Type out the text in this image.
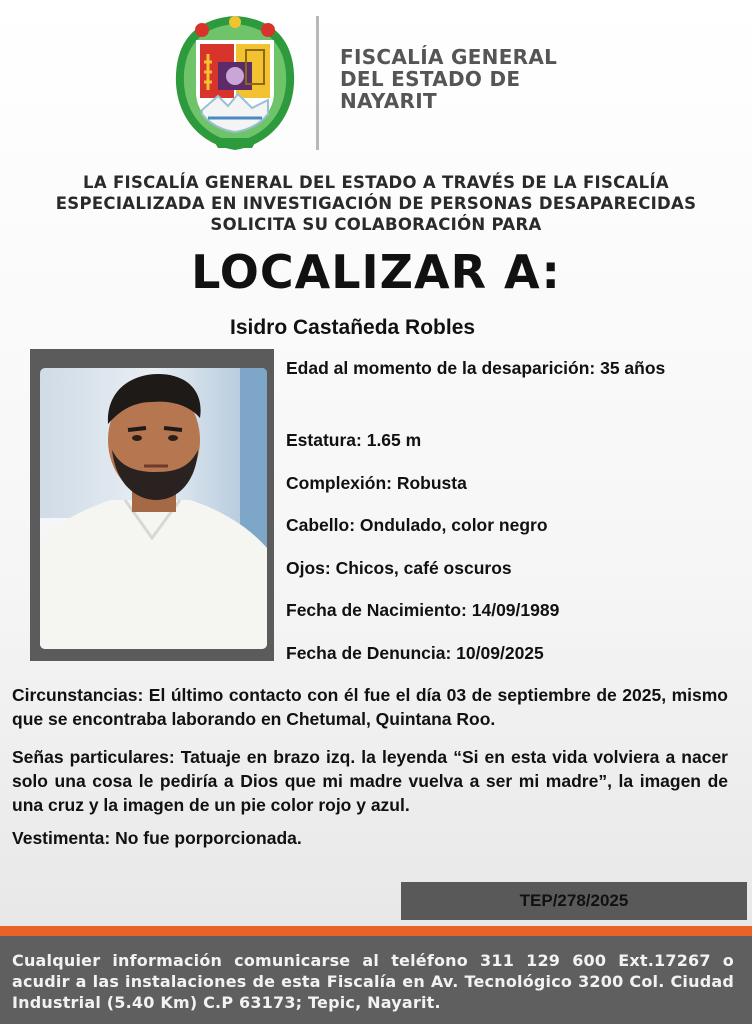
FISCALÍA GENERAL
DEL ESTADO DE
NAYARIT
LA FISCALÍA GENERAL DEL ESTADO A TRAVÉS DE LA FISCALÍA
ESPECIALIZADA EN INVESTIGACIÓN DE PERSONAS DESAPARECIDAS
SOLICITA SU COLABORACIÓN PARA
LOCALIZAR A:
Isidro Castañeda Robles
Edad al momento de la desaparición: 35 años
Estatura: 1.65 m
Complexión: Robusta
Cabello: Ondulado, color negro
Ojos: Chicos, café oscuros
Fecha de Nacimiento: 14/09/1989
Fecha de Denuncia: 10/09/2025
Circunstancias: El último contacto con él fue el día 03 de septiembre de 2025, mismo que se encontraba laborando en Chetumal, Quintana Roo.
Señas particulares: Tatuaje en brazo izq. la leyenda “Si en esta vida volviera a nacer solo una cosa le pediría a Dios que mi madre vuelva a ser mi madre”, la imagen de una cruz y la imagen de un pie color rojo y azul.
Vestimenta: No fue porporcionada.
TEP/278/2025

Cualquier información comunicarse al teléfono 311 129 600 Ext.17267 o acudir a las instalaciones de esta Fiscalía en Av. Tecnológico 3200 Col. Ciudad Industrial (5.40 Km) C.P 63173; Tepic, Nayarit.
